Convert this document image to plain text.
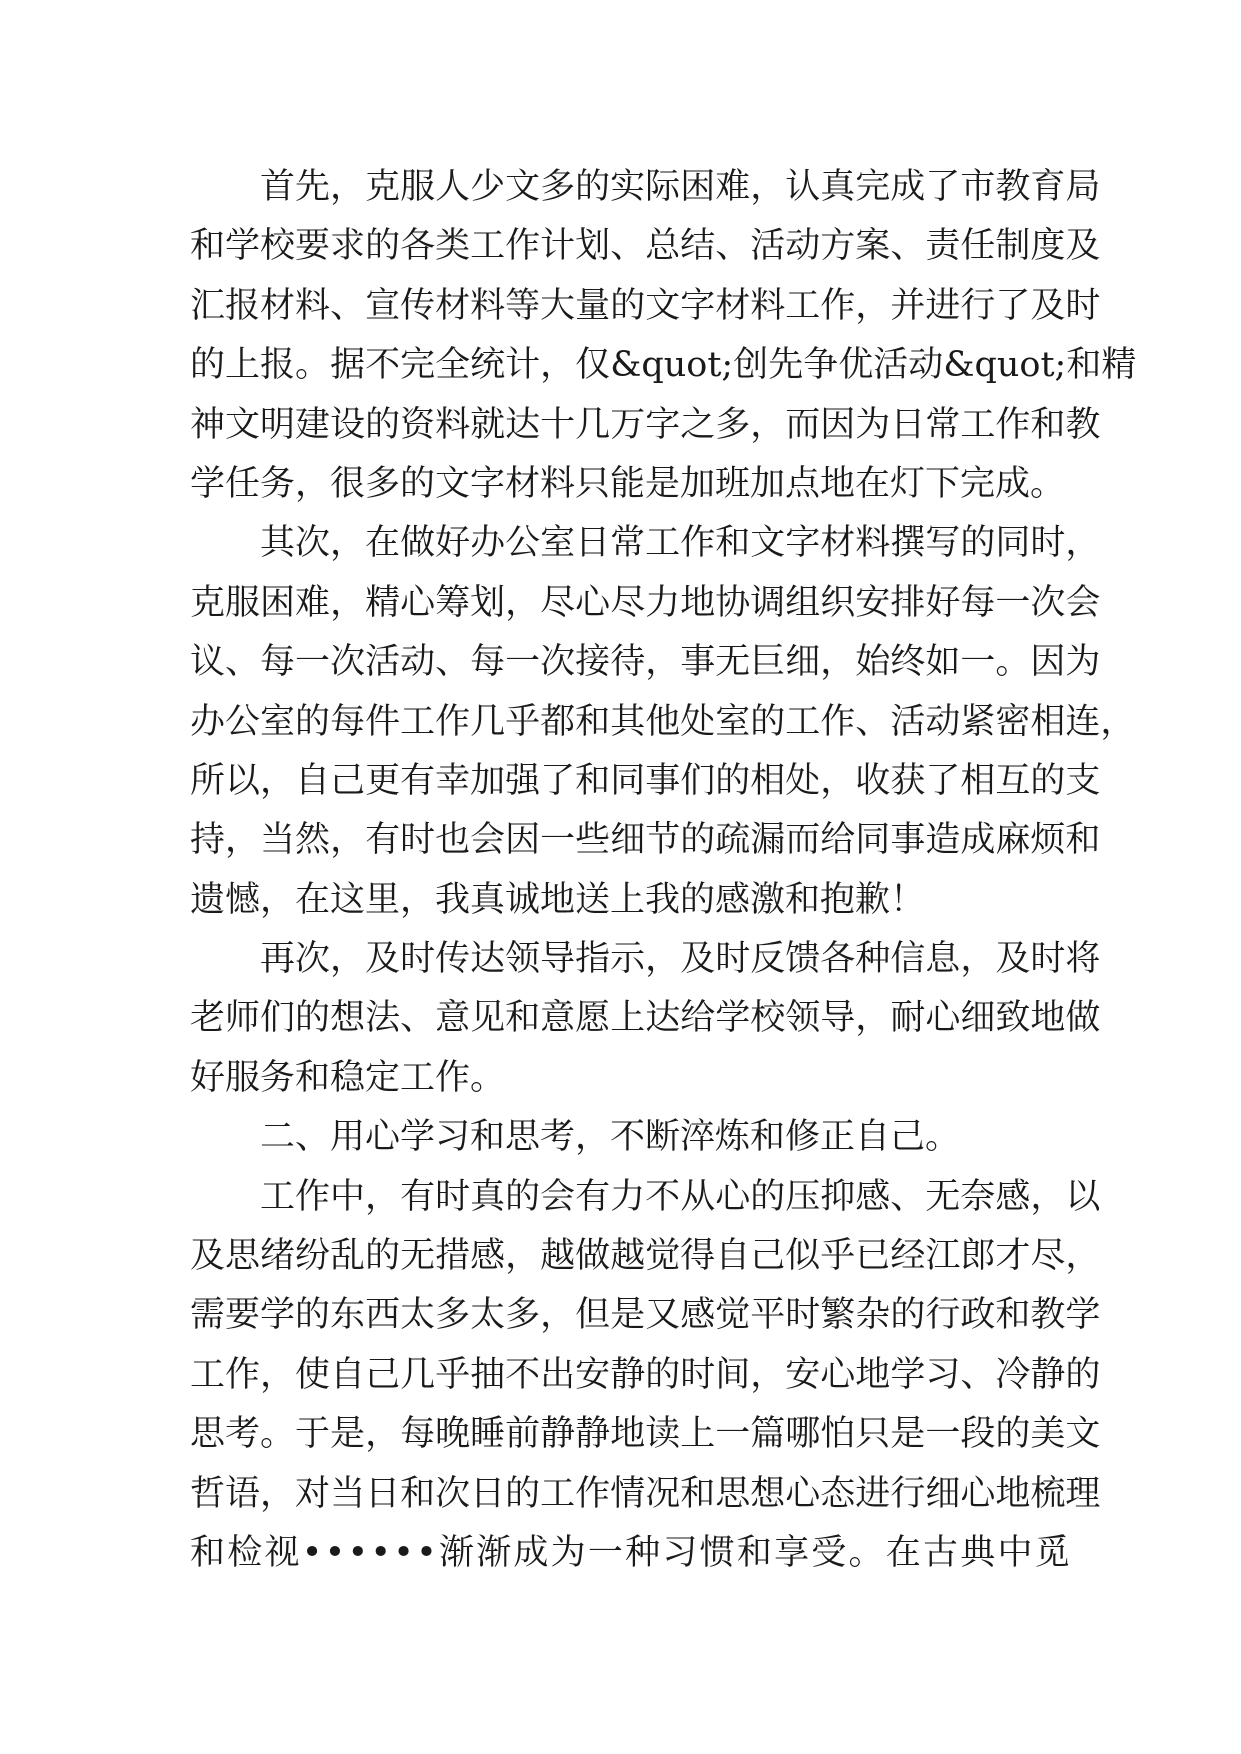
首 先 ， 克 服 人 少 文 多 的 实 际 困 难 ， 认 真 完 成 了 市 教 育 局
和 学 校 要 求 的 各 类 工 作 计 划 、 总 结 、 活 动 方 案 、 责 任 制 度 及
汇 报 材 料 、 宣 传 材 料 等 大 量 的 文 字 材 料 工 作 ， 并 进 行 了 及 时
的 上 报 。 据 不 完 全 统 计 ， 仅 &quot; 创 先 争 优 活 动 &quot; 和 精
神 文 明 建 设 的 资 料 就 达 十 几 万 字 之 多 ， 而 因 为 日 常 工 作 和 教
学任务，很多的文字材料只能是加班加点地在灯下完成。
其 次 ， 在 做 好 办 公 室 日 常 工 作 和 文 字 材 料 撰 写 的 同 时 ，
克 服 困 难 ， 精 心 筹 划 ， 尽 心 尽 力 地 协 调 组 织 安 排 好 每 一 次 会
议 、 每 一 次 活 动 、 每 一 次 接 待 ， 事 无 巨 细 ， 始 终 如 一 。 因 为
办 公 室 的 每 件 工 作 几 乎 都 和 其 他 处 室 的 工 作 、 活 动 紧 密 相 连 ，
所 以 ， 自 己 更 有 幸 加 强 了 和 同 事 们 的 相 处 ， 收 获 了 相 互 的 支
持 ， 当 然 ， 有 时 也 会 因 一 些 细 节 的 疏 漏 而 给 同 事 造 成 麻 烦 和
遗憾，在这里，我真诚地送上我的感激和抱歉！
再 次 ， 及 时 传 达 领 导 指 示 ， 及 时 反 馈 各 种 信 息 ， 及 时 将
老 师 们 的 想 法 、 意 见 和 意 愿 上 达 给 学 校 领 导 ， 耐 心 细 致 地 做
好服务和稳定工作。
二、用心学习和思考，不断淬炼和修正自己。
工 作 中 ， 有 时 真 的 会 有 力 不 从 心 的 压 抑 感 、 无 奈 感 ， 以
及 思 绪 纷 乱 的 无 措 感 ， 越 做 越 觉 得 自 己 似 乎 已 经 江 郎 才 尽 ，
需 要 学 的 东 西 太 多 太 多 ， 但 是 又 感 觉 平 时 繁 杂 的 行 政 和 教 学
工 作 ， 使 自 己 几 乎 抽 不 出 安 静 的 时 间 ， 安 心 地 学 习 、 冷 静 的
思 考 。 于 是 ， 每 晚 睡 前 静 静 地 读 上 一 篇 哪 怕 只 是 一 段 的 美 文
哲 语 ， 对 当 日 和 次 日 的 工 作 情 况 和 思 想 心 态 进 行 细 心 地 梳 理
和 检 视 • • • • • • 渐 渐 成 为 一 种 习 惯 和 享 受 。 在 古 典 中 觅
